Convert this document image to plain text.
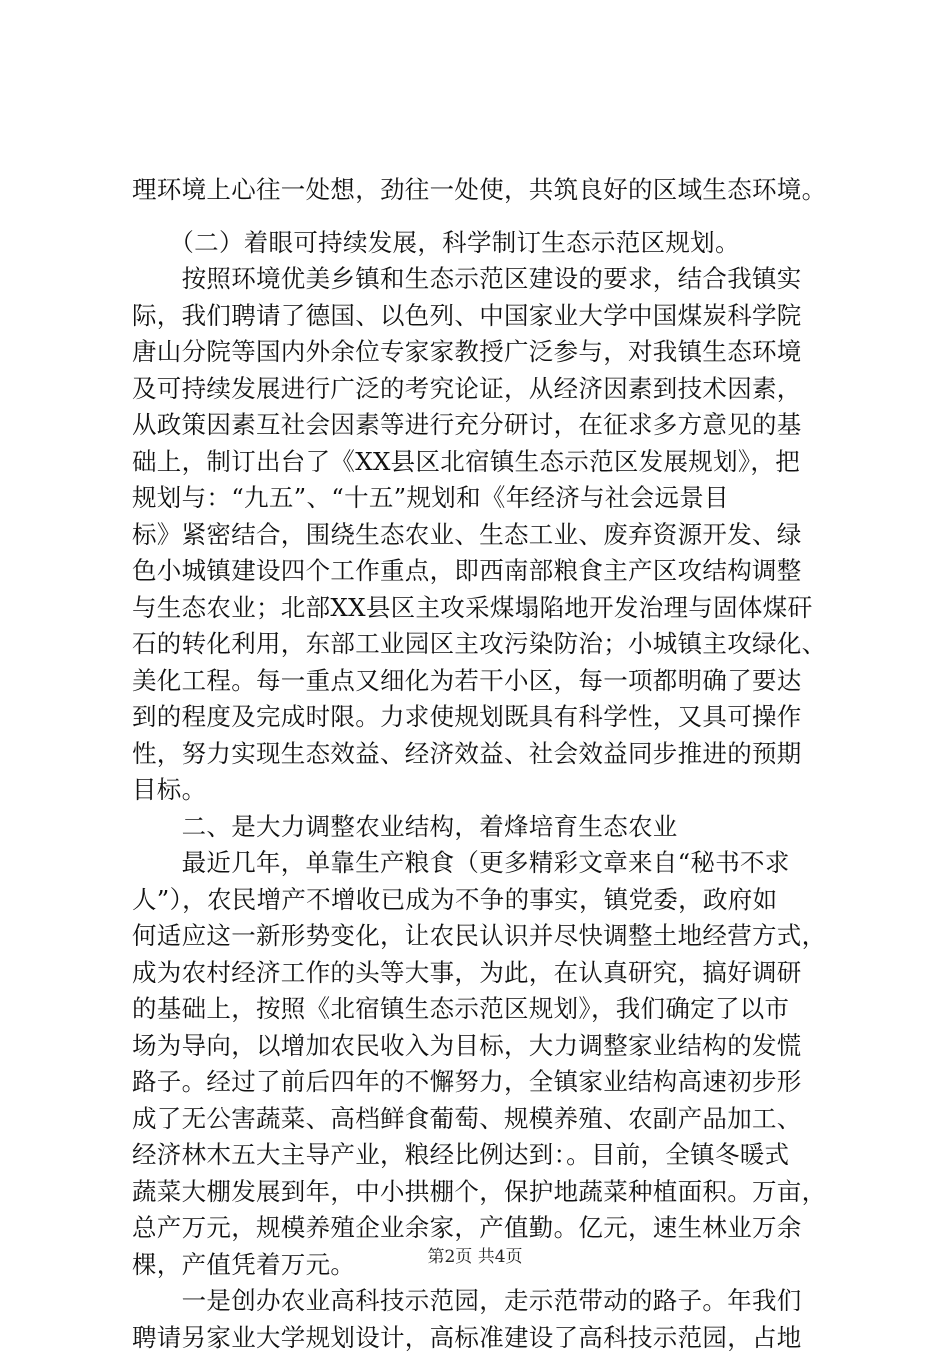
理环境上心往一处想，劲往一处使，共筑良好的区域生态环境。
　　（二）着眼可持续发展，科学制订生态示范区规划。
　　按照环境优美乡镇和生态示范区建设的要求，结合我镇实
际，我们聘请了德国、以色列、中国家业大学中国煤炭科学院
唐山分院等国内外余位专家家教授广泛参与，对我镇生态环境
及可持续发展进行广泛的考究论证，从经济因素到技术因素，
从政策因素互社会因素等进行充分研讨，在征求多方意见的基
础上，制订出台了《XX县区北宿镇生态示范区发展规划》，把
规划与：“九五”、“十五”规划和《年经济与社会远景目
标》紧密结合，围绕生态农业、生态工业、废弃资源开发、绿
色小城镇建设四个工作重点，即西南部粮食主产区攻结构调整
与生态农业；北部XX县区主攻采煤塌陷地开发治理与固体煤矸
石的转化利用，东部工业园区主攻污染防治；小城镇主攻绿化、
美化工程。每一重点又细化为若干小区，每一项都明确了要达
到的程度及完成时限。力求使规划既具有科学性，又具可操作
性，努力实现生态效益、经济效益、社会效益同步推进的预期
目标。
　　二、是大力调整农业结构，着烽培育生态农业
　　最近几年，单靠生产粮食（更多精彩文章来自“秘书不求
人”），农民增产不增收已成为不争的事实，镇党委，政府如
何适应这一新形势变化，让农民认识并尽快调整土地经营方式，
成为农村经济工作的头等大事，为此，在认真研究，搞好调研
的基础上，按照《北宿镇生态示范区规划》，我们确定了以市
场为导向，以增加农民收入为目标，大力调整家业结构的发慌
路子。经过了前后四年的不懈努力，全镇家业结构高速初步形
成了无公害蔬菜、高档鲜食葡萄、规模养殖、农副产品加工、
经济林木五大主导产业，粮经比例达到：。目前，全镇冬暖式
蔬菜大棚发展到年，中小拱棚个，保护地蔬菜种植面积。万亩，
总产万元，规模养殖企业余家，产值勤。亿元，速生林业万余
棵，产值凭着万元。
　　一是创办农业高科技示范园，走示范带动的路子。年我们
聘请另家业大学规划设计，高标准建设了高科技示范园，占地
第2页 共4页
